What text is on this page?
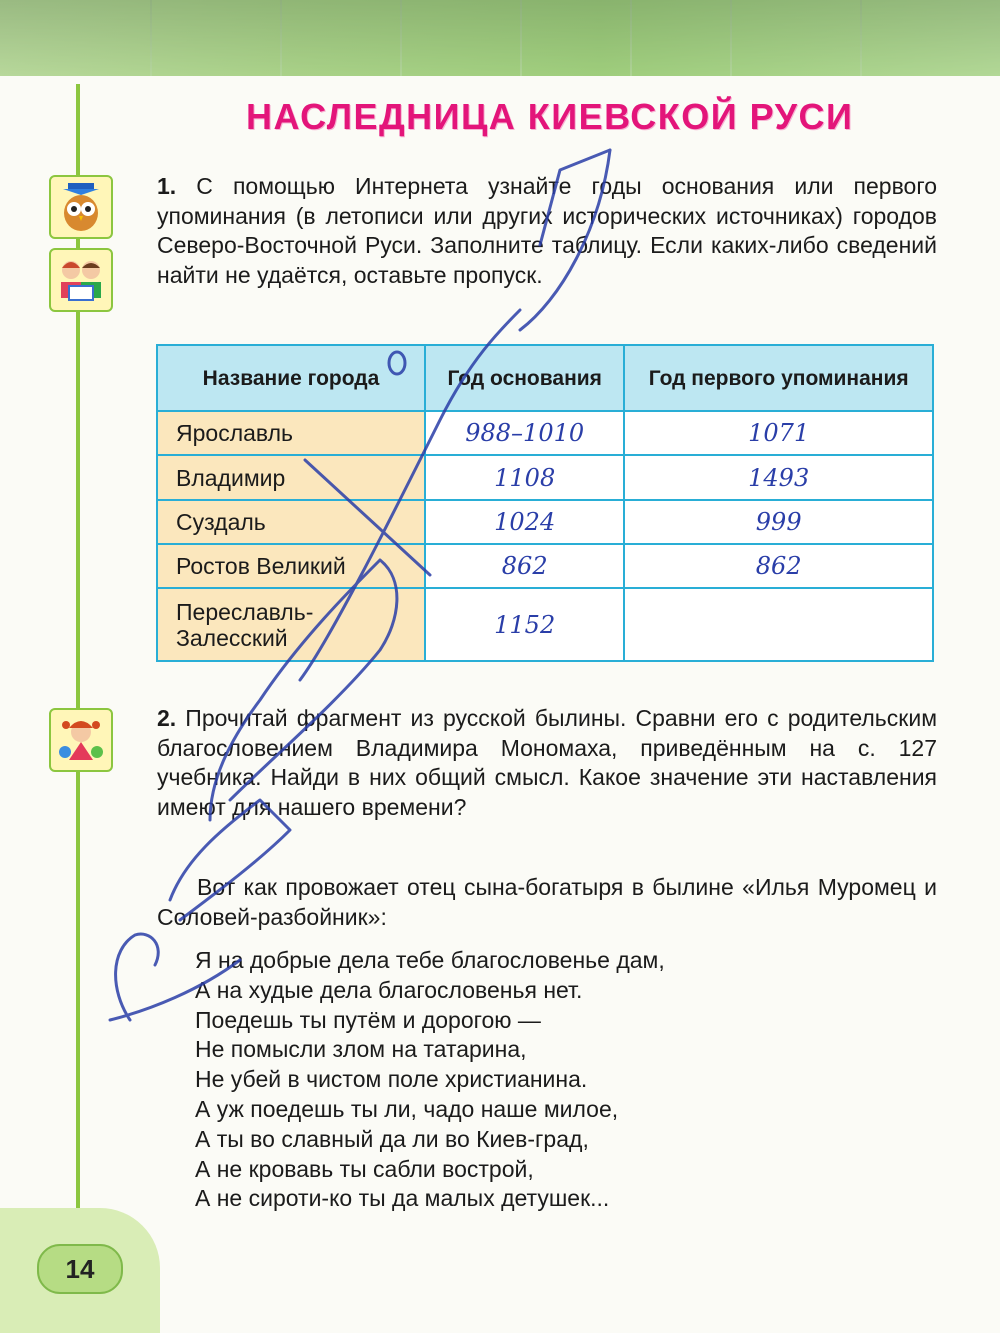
14
НАСЛЕДНИЦА КИЕВСКОЙ РУСИ
1. С помощью Интернета узнайте годы основания или первого упоминания (в летописи или других исторических источниках) городов Северо-Восточной Руси. Заполните таблицу. Если каких-либо сведений найти не удаётся, оставьте пропуск.
Название города	Год основания	Год первого упоминания
Ярославль	988–1010	1071
Владимир	1108	1493
Суздаль	1024	999
Ростов Великий	862	862
Переславль-Залесский	1152	
2. Прочитай фрагмент из русской былины. Сравни его с родительским благословением Владимира Мономаха, приведённым на с. 127 учебника. Найди в них общий смысл. Какое значение эти наставления имеют для нашего времени?
Вот как провожает отец сына-богатыря в былине «Илья Муромец и Соловей-разбойник»:
Я на добрые дела тебе благословенье дам,
А на худые дела благословенья нет.
Поедешь ты путём и дорогою —
Не помысли злом на татарина,
Не убей в чистом поле христианина.
А уж поедешь ты ли, чадо наше милое,
А ты во славный да ли во Киев-град,
А не кровавь ты сабли вострой,
А не сироти-ко ты да малых детушек...
